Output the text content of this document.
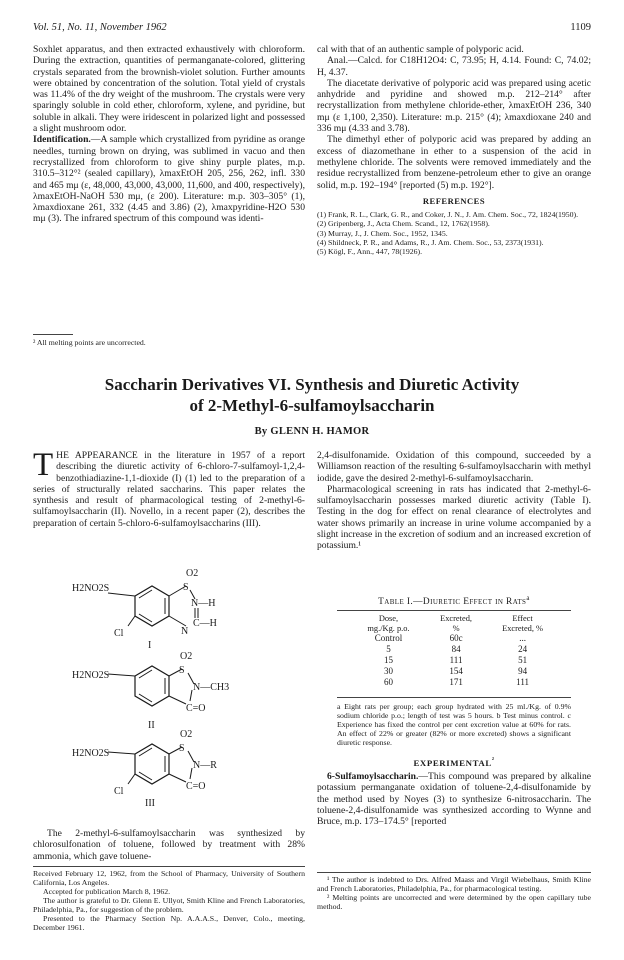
Vol. 51, No. 11, November 1962	1109

Soxhlet apparatus, and then extracted exhaustively with chloroform. During the extraction, quantities of permanganate-colored, glittering crystals separated from the brownish-violet solution. Further amounts were obtained by concentration of the solution. Total yield of crystals was 11.4% of the dry weight of the mushroom. The crystals were very sparingly soluble in cold ether, chloroform, xylene, and pyridine, but soluble in alkali. They were iridescent in polarized light and possessed a slight mushroom odor.

Identification.—A sample which crystallized from pyridine as orange needles, turning brown on drying, was sublimed in vacuo and then recrystallized from chloroform to give shiny purple plates, m.p. 310.5–312°² (sealed capillary), λmaxEtOH 205, 256, 262, infl. 330 and 465 mμ (ε, 48,000, 43,000, 43,000, 11,600, and 400, respectively), λmaxEtOH-NaOH 530 mμ, (ε 200). Literature: m.p. 303–305° (1), λmaxdioxane 261, 332 (4.45 and 3.86) (2), λmaxpyridine-H2O 530 mμ (3). The infrared spectrum of this compound was identi-

² All melting points are uncorrected.

cal with that of an authentic sample of polyporic acid.

Anal.—Calcd. for C18H12O4: C, 73.95; H, 4.14. Found: C, 74.02; H, 4.37.

The diacetate derivative of polyporic acid was prepared using acetic anhydride and pyridine and showed m.p. 212–214° after recrystallization from methylene chloride-ether, λmaxEtOH 236, 340 mμ (ε 1,100, 2,350). Literature: m.p. 215° (4); λmaxdioxane 240 and 336 mμ (4.33 and 3.78).

The dimethyl ether of polyporic acid was prepared by adding an excess of diazomethane in ether to a suspension of the acid in methylene chloride. The solvents were removed immediately and the residue recrystallized from benzene-petroleum ether to give an orange solid, m.p. 192–194° [reported (5) m.p. 192°].

REFERENCES
(1) Frank, R. L., Clark, G. R., and Coker, J. N., J. Am. Chem. Soc., 72, 1824(1950).
(2) Gripenberg, J., Acta Chem. Scand., 12, 1762(1958).
(3) Murray, J., J. Chem. Soc., 1952, 1345.
(4) Shildneck, P. R., and Adams, R., J. Am. Chem. Soc., 53, 2373(1931).
(5) Kögl, F., Ann., 447, 78(1926).
Saccharin Derivatives VI. Synthesis and Diuretic Activity
of 2-Methyl-6-sulfamoylsaccharin
By GLENN H. HAMOR

THE APPEARANCE in the literature in 1957 of a report describing the diuretic activity of 6-chloro-7-sulfamoyl-1,2,4-benzothiadiazine-1,1-dioxide (I) (1) led to the preparation of a series of structurally related saccharins. This paper relates the synthesis and result of pharmacological testing of 2-methyl-6-sulfamoylsaccharin (II). Novello, in a recent paper (2), describes the preparation of certain 5-chloro-6-sulfamoylsaccharins (III).

H2NO2S
Cl
O2
S
N—H
C—H
N
I
H2NO2S
O2
S
N—CH3
C=O
II
H2NO2S
Cl
O2
S
N—R
C=O
III

The 2-methyl-6-sulfamoylsaccharin was synthesized by chlorosulfonation of toluene, followed by treatment with 28% ammonia, which gave toluene-

Received February 12, 1962, from the School of Pharmacy, University of Southern California, Los Angeles.
Accepted for publication March 8, 1962.
The author is grateful to Dr. Glenn E. Ullyot, Smith Kline and French Laboratories, Philadelphia, Pa., for suggestion of the problem.
Presented to the Pharmacy Section Np. A.A.A.S., Denver, Colo., meeting, December 1961.

2,4-disulfonamide. Oxidation of this compound, succeeded by a Williamson reaction of the resulting 6-sulfamoylsaccharin with methyl iodide, gave the desired 2-methyl-6-sulfamoylsaccharin.

Pharmacological screening in rats has indicated that 2-methyl-6-sulfamoylsaccharin possesses marked diuretic activity (Table I). Testing in the dog for effect on renal clearance of electrolytes and water shows primarily an increase in urine volume accompanied by a slight increase in the excretion of sodium and an increased excretion of potassium.¹

Table I.—Diuretic Effect in Rats$^a$
Dose,
mg./Kg. p.o.	Excreted,
%	Effect
Excreted, %
Control	60c	...
5	84	24
15	111	51
30	154	94
60	171	111
a Eight rats per group; each group hydrated with 25 ml./Kg. of 0.9% sodium chloride p.o.; length of test was 5 hours. b Test minus control. c Experience has fixed the control per cent excretion value at 60% for rats. An effect of 22% or greater (82% or more excreted) shows a significant diuretic response.
$EXPERIMENTAL^{^2}$

6-Sulfamoylsaccharin.—This compound was prepared by alkaline potassium permanganate oxidation of toluene-2,4-disulfonamide by the method used by Noyes (3) to synthesize 6-nitrosaccharin. The toluene-2,4-disulfonamide was synthesized according to Wynne and Bruce, m.p. 173–174.5° [reported

¹ The author is indebted to Drs. Alfred Maass and Virgil Wiebelhaus, Smith Kline and French Laboratories, Philadelphia, Pa., for pharmacological testing.
² Melting points are uncorrected and were determined by the open capillary tube method.
